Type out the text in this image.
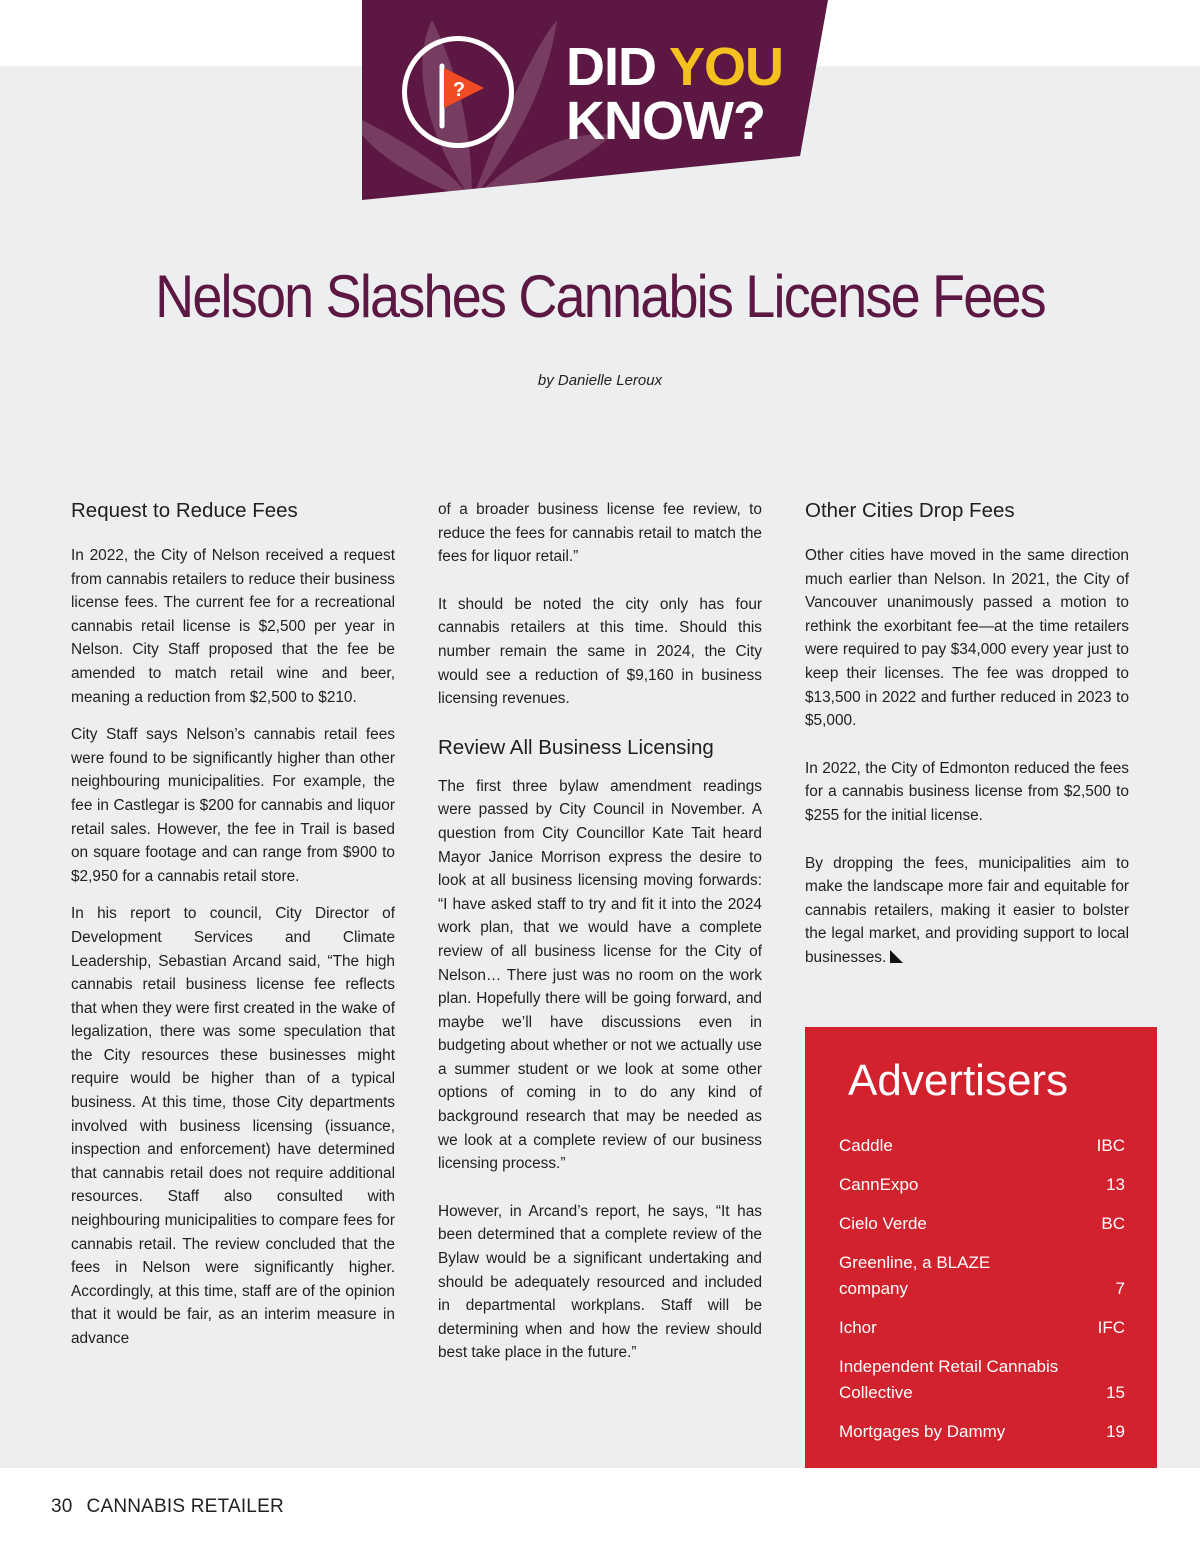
? DID YOU
KNOW?
Nelson Slashes Cannabis License Fees
by Danielle Leroux
Request to Reduce Fees

In 2022, the City of Nelson received a request from cannabis retailers to reduce their business license fees. The current fee for a recreational cannabis retail license is $2,500 per year in Nelson. City Staff proposed that the fee be amended to match retail wine and beer, meaning a reduction from $2,500 to $210.

City Staff says Nelson’s cannabis retail fees were found to be significantly higher than other neighbouring municipalities. For example, the fee in Castlegar is $200 for cannabis and liquor retail sales. However, the fee in Trail is based on square footage and can range from $900 to $2,950 for a cannabis retail store.

In his report to council, City Director of Development Services and Climate Leadership, Sebastian Arcand said, “The high cannabis retail business license fee reflects that when they were first created in the wake of legalization, there was some speculation that the City resources these businesses might require would be higher than of a typical business. At this time, those City departments involved with business licensing (issuance, inspection and enforcement) have determined that cannabis retail does not require additional resources. Staff also consulted with neighbouring municipalities to compare fees for cannabis retail. The review concluded that the fees in Nelson were significantly higher. Accordingly, at this time, staff are of the opinion that it would be fair, as an interim measure in advance

of a broader business license fee review, to reduce the fees for cannabis retail to match the fees for liquor retail.”

It should be noted the city only has four cannabis retailers at this time. Should this number remain the same in 2024, the City would see a reduction of $9,160 in business licensing revenues.

Review All Business Licensing

The first three bylaw amendment readings were passed by City Council in November. A question from City Councillor Kate Tait heard Mayor Janice Morrison express the desire to look at all business licensing moving forwards: “I have asked staff to try and fit it into the 2024 work plan, that we would have a complete review of all business license for the City of Nelson… There just was no room on the work plan. Hopefully there will be going forward, and maybe we’ll have discussions even in budgeting about whether or not we actually use a summer student or we look at some other options of coming in to do any kind of background research that may be needed as we look at a complete review of our business licensing process.”

However, in Arcand’s report, he says, “It has been determined that a complete review of the Bylaw would be a significant undertaking and should be adequately resourced and included in departmental workplans. Staff will be determining when and how the review should best take place in the future.”

Other Cities Drop Fees

Other cities have moved in the same direction much earlier than Nelson. In 2021, the City of Vancouver unanimously passed a motion to rethink the exorbitant fee—at the time retailers were required to pay $34,000 every year just to keep their licenses. The fee was dropped to $13,500 in 2022 and further reduced in 2023 to $5,000.

In 2022, the City of Edmonton reduced the fees for a cannabis business license from $2,500 to $255 for the initial license.

By dropping the fees, municipalities aim to make the landscape more fair and equitable for cannabis retailers, making it easier to bolster the legal market, and providing support to local businesses.

Advertisers
Caddle	IBC
CannExpo	13
Cielo Verde	BC
Greenline, a BLAZE company	7
Ichor	IFC
Independent Retail Cannabis Collective	15
Mortgages by Dammy	19
30 CANNABIS RETAILER
